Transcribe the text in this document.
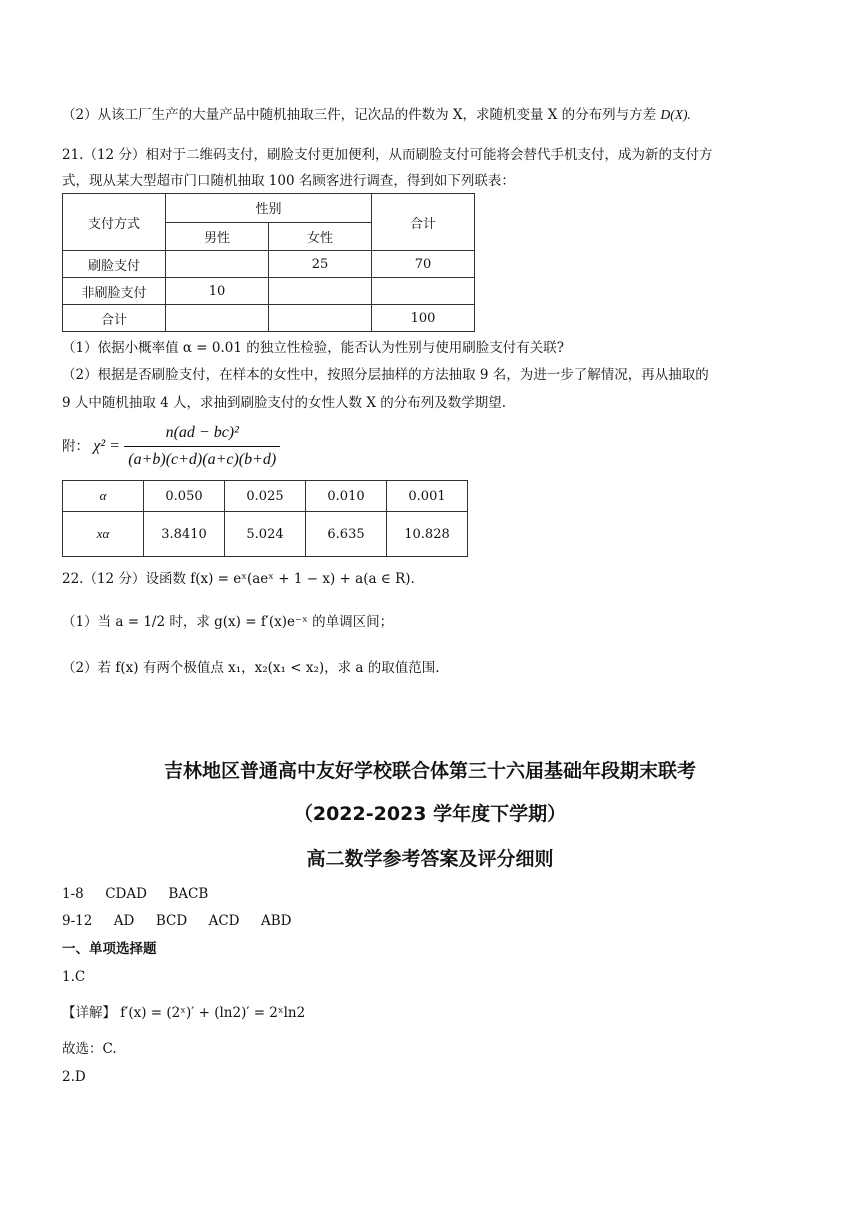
（2）从该工厂生产的大量产品中随机抽取三件，记次品的件数为 X，求随机变量 X 的分布列与方差 D(X).
21.（12 分）相对于二维码支付，刷脸支付更加便利，从而刷脸支付可能将会替代手机支付，成为新的支付方
式，现从某大型超市门口随机抽取 100 名顾客进行调查，得到如下列联表：
支付方式	性别		合计
	男性	女性	
刷脸支付		25	70
非刷脸支付	10		
合计			100
（1）依据小概率值 α = 0.01 的独立性检验，能否认为性别与使用刷脸支付有关联?
（2）根据是否刷脸支付，在样本的女性中，按照分层抽样的方法抽取 9 名，为进一步了解情况，再从抽取的
9 人中随机抽取 4 人，求抽到刷脸支付的女性人数 X 的分布列及数学期望.
附： $\chi^2 = \frac{\text{n(ad − bc)²}}{(a+b)(c+d)(a+c)(b+d)}$
α	0.050	0.025	0.010	0.001
xα	3.8410	5.024	6.635	10.828
22.（12 分）设函数 f(x) = eˣ(aeˣ + 1 − x) + a(a ∈ R).
（1）当 a = 1/2 时，求 g(x) = f′(x)e⁻ˣ 的单调区间；
（2）若 f(x) 有两个极值点 x₁，x₂(x₁ < x₂)，求 a 的取值范围.
吉林地区普通高中友好学校联合体第三十六届基础年段期末联考
（2022-2023 学年度下学期）
高二数学参考答案及评分细则
1-8     CDAD     BACB
9-12     AD     BCD     ACD     ABD
一、单项选择题
1.C
【详解】 f′(x) = (2ˣ)′ + (ln2)′ = 2ˣln2
故选：C.
2.D
